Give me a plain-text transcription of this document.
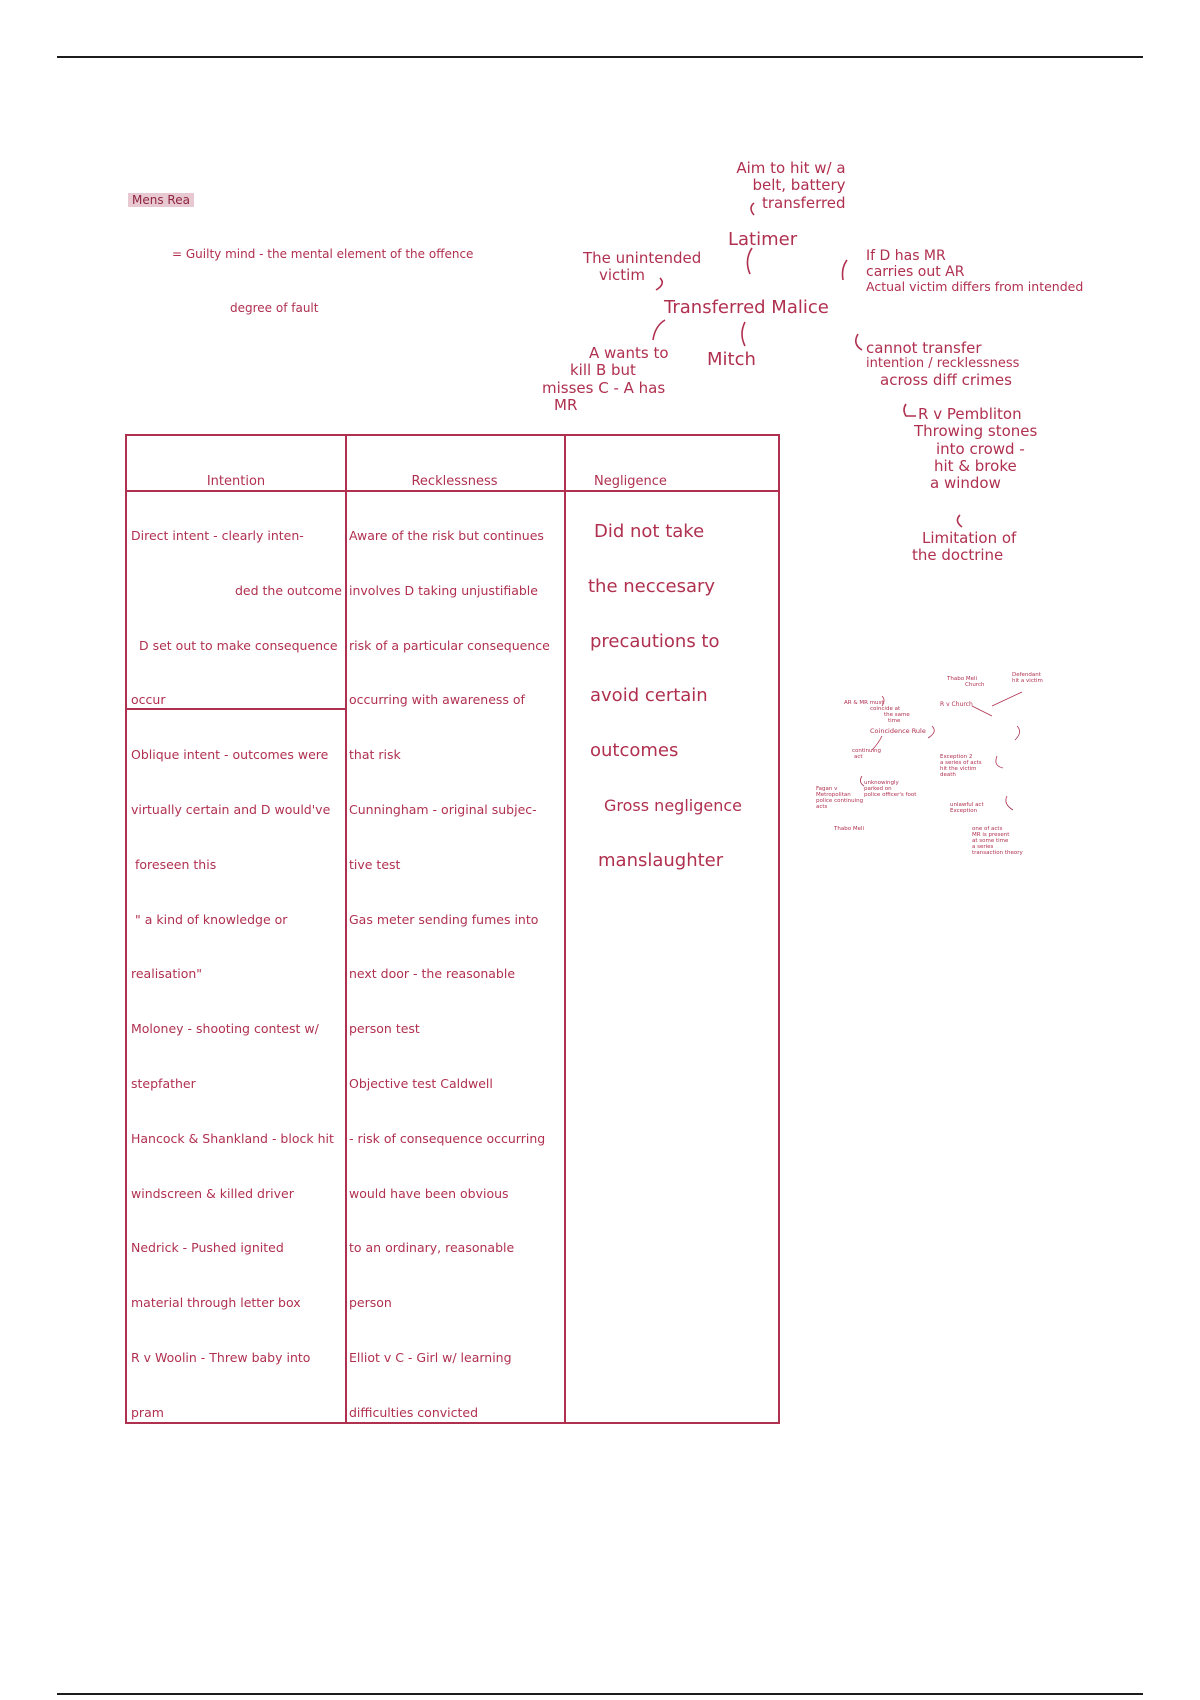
Mens Rea
= Guilty mind - the mental element of the offence
degree of fault
Aim to hit w/ a
belt, battery
transferred
Latimer
The unintended
victim
Transferred Malice
If D has MR
carries out AR
Actual victim differs from intended
A wants to
kill B but
misses C - A has
MR
Mitch
cannot transfer
intention / recklessness
across diff crimes
R v Pembliton
Throwing stones
into crowd -
hit & broke
a window
Limitation of
the doctrine
AR & MR must
coincide at
the same
time
Coincidence Rule
continuing
act
Fagan v
Metropolitan
police continuing
acts
unknowingly
parked on
police officer's foot
Thabo Meli
Thabo Meli
Church
Defendant
hit a victim
R v Church
Exception 2
a series of acts
hit the victim
death
unlawful act
Exception
one of acts
MR is present
at some time
a series
transaction theory
Intention
Direct intent - clearly inten-
ded the outcome
D set out to make consequence
occur
Oblique intent - outcomes were
virtually certain and D would've
foreseen this
" a kind of knowledge or
realisation"
Moloney - shooting contest w/
stepfather
Hancock & Shankland - block hit
windscreen & killed driver
Nedrick - Pushed ignited
material through letter box
R v Woolin - Threw baby into
pram
Recklessness
Aware of the risk but continues
involves D taking unjustifiable
risk of a particular consequence
occurring with awareness of
that risk
Cunningham - original subjec-
tive test
Gas meter sending fumes into
next door - the reasonable
person test
Objective test Caldwell
- risk of consequence occurring
would have been obvious
to an ordinary, reasonable
person
Elliot v C - Girl w/ learning
difficulties convicted
Negligence
Did not take
the neccesary
precautions to
avoid certain
outcomes
Gross negligence
manslaughter
